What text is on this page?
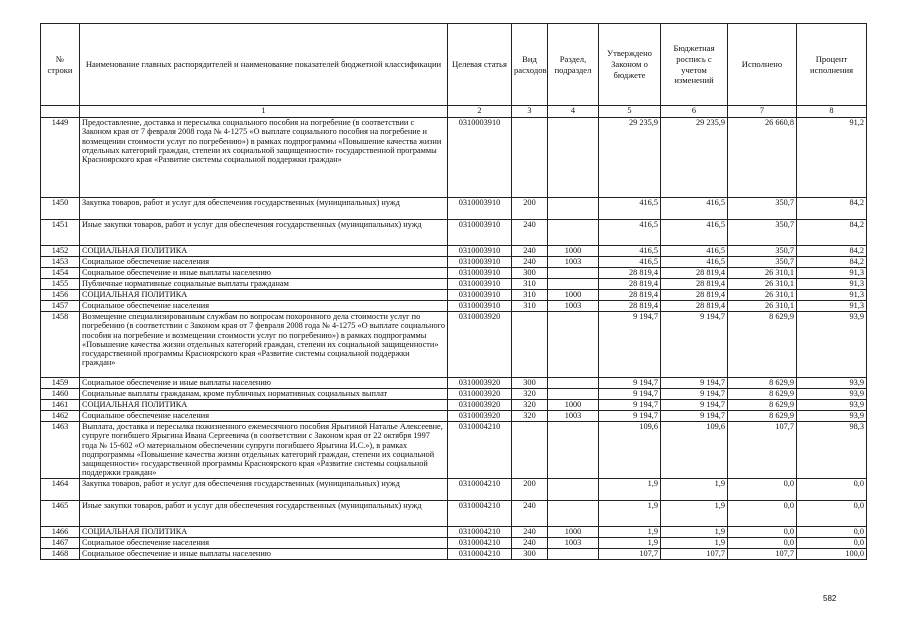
№ строки	Наименование главных распорядителей и наименование показателей бюджетной классификации	Целевая статья	Вид расходов	Раздел, подраздел	Утверждено Законом о бюджете	Бюджетная роспись с учетом изменений	Исполнено	Процент исполнения
	1	2	3	4	5	6	7	8
1449	Предоставление, доставка и пересылка социального пособия на погребение (в соответствии с Законом края от 7 февраля 2008 года № 4-1275 «О выплате социального пособия на погребение и возмещении стоимости услуг по погребению») в рамках подпрограммы «Повышение качества жизни отдельных категорий граждан, степени их социальной защищенности» государственной программы Красноярского края «Развитие системы социальной поддержки граждан»	0310003910			29 235,9	29 235,9	26 660,8	91,2
1450	Закупка товаров, работ и услуг для обеспечения государственных (муниципальных) нужд	0310003910	200		416,5	416,5	350,7	84,2
1451	Иные закупки товаров, работ и услуг для обеспечения государственных (муниципальных) нужд	0310003910	240		416,5	416,5	350,7	84,2
1452	СОЦИАЛЬНАЯ ПОЛИТИКА	0310003910	240	1000	416,5	416,5	350,7	84,2
1453	Социальное обеспечение населения	0310003910	240	1003	416,5	416,5	350,7	84,2
1454	Социальное обеспечение и иные выплаты населению	0310003910	300		28 819,4	28 819,4	26 310,1	91,3
1455	Публичные нормативные социальные выплаты гражданам	0310003910	310		28 819,4	28 819,4	26 310,1	91,3
1456	СОЦИАЛЬНАЯ ПОЛИТИКА	0310003910	310	1000	28 819,4	28 819,4	26 310,1	91,3
1457	Социальное обеспечение населения	0310003910	310	1003	28 819,4	28 819,4	26 310,1	91,3
1458	Возмещение специализированным службам по вопросам похоронного дела стоимости услуг по погребению (в соответствии с Законом края от 7 февраля 2008 года № 4-1275 «О выплате социального пособия на погребение и возмещении стоимости услуг по погребению») в рамках подпрограммы «Повышение качества жизни отдельных категорий граждан, степени их социальной защищенности» государственной программы Красноярского края «Развитие системы социальной поддержки граждан»	0310003920			9 194,7	9 194,7	8 629,9	93,9
1459	Социальное обеспечение и иные выплаты населению	0310003920	300		9 194,7	9 194,7	8 629,9	93,9
1460	Социальные выплаты гражданам, кроме публичных нормативных социальных выплат	0310003920	320		9 194,7	9 194,7	8 629,9	93,9
1461	СОЦИАЛЬНАЯ ПОЛИТИКА	0310003920	320	1000	9 194,7	9 194,7	8 629,9	93,9
1462	Социальное обеспечение населения	0310003920	320	1003	9 194,7	9 194,7	8 629,9	93,9
1463	Выплата, доставка и пересылка пожизненного ежемесячного пособия Ярыгиной Наталье Алексеевне, супруге погибшего Ярыгина Ивана Сергеевича (в соответствии с Законом края от 22 октября 1997 года № 15-602 «О материальном обеспечении супруги погибшего Ярыгина И.С.»), в рамках подпрограммы «Повышение качества жизни отдельных категорий граждан, степени их социальной защищенности» государственной программы Красноярского края «Развитие системы социальной поддержки граждан»	0310004210			109,6	109,6	107,7	98,3
1464	Закупка товаров, работ и услуг для обеспечения государственных (муниципальных) нужд	0310004210	200		1,9	1,9	0,0	0,0
1465	Иные закупки товаров, работ и услуг для обеспечения государственных (муниципальных) нужд	0310004210	240		1,9	1,9	0,0	0,0
1466	СОЦИАЛЬНАЯ ПОЛИТИКА	0310004210	240	1000	1,9	1,9	0,0	0,0
1467	Социальное обеспечение населения	0310004210	240	1003	1,9	1,9	0,0	0,0
1468	Социальное обеспечение и иные выплаты населению	0310004210	300		107,7	107,7	107,7	100,0
582
